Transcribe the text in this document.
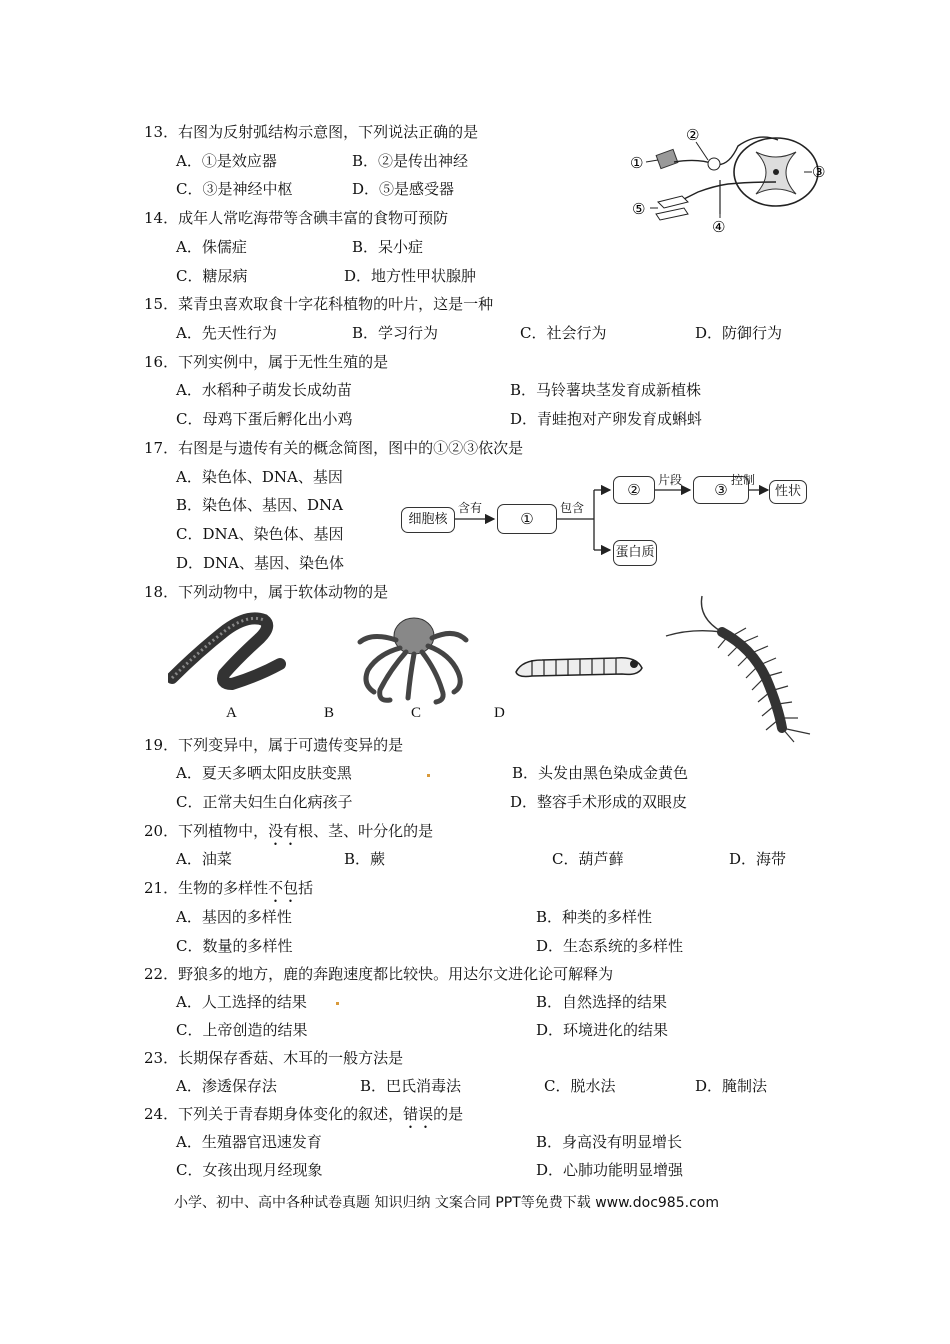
13．右图为反射弧结构示意图，下列说法正确的是
A．①是效应器	B．②是传出神经
C．③是神经中枢	D．⑤是感受器
①
②
③
④
⑤
14．成年人常吃海带等含碘丰富的食物可预防
A．侏儒症	B．呆小症
C．糖尿病	D．地方性甲状腺肿
15．菜青虫喜欢取食十字花科植物的叶片，这是一种
A．先天性行为	B．学习行为	C．社会行为	D．防御行为
16．下列实例中，属于无性生殖的是
A．水稻种子萌发长成幼苗	B．马铃薯块茎发育成新植株
C．母鸡下蛋后孵化出小鸡	D．青蛙抱对产卵发育成蝌蚪
17．右图是与遗传有关的概念简图，图中的①②③依次是
A．染色体、DNA、基因
B．染色体、基因、DNA
C．DNA、染色体、基因
D．DNA、基因、染色体
细胞核	①
②	③	性状
蛋白质
含有	包含
片段	控制
18．下列动物中，属于软体动物的是
A	B	C	D
19．下列变异中，属于可遗传变异的是
A．夏天多晒太阳皮肤变黑	B．头发由黑色染成金黄色
C．正常夫妇生白化病孩子	D．整容手术形成的双眼皮
20．下列植物中，没有根、茎、叶分化的是
A．油菜	B．蕨	C．葫芦藓	D．海带
21．生物的多样性不包括
A．基因的多样性	B．种类的多样性
C．数量的多样性	D．生态系统的多样性
22．野狼多的地方，鹿的奔跑速度都比较快。用达尔文进化论可解释为
A．人工选择的结果	B．自然选择的结果
C．上帝创造的结果	D．环境进化的结果
23．长期保存香菇、木耳的一般方法是
A．渗透保存法	B．巴氏消毒法	C．脱水法	D．腌制法
24．下列关于青春期身体变化的叙述，错误的是
A．生殖器官迅速发育	B．身高没有明显增长
C．女孩出现月经现象	D．心肺功能明显增强
小学、初中、高中各种试卷真题 知识归纳 文案合同 PPT等免费下载 www.doc985.com
